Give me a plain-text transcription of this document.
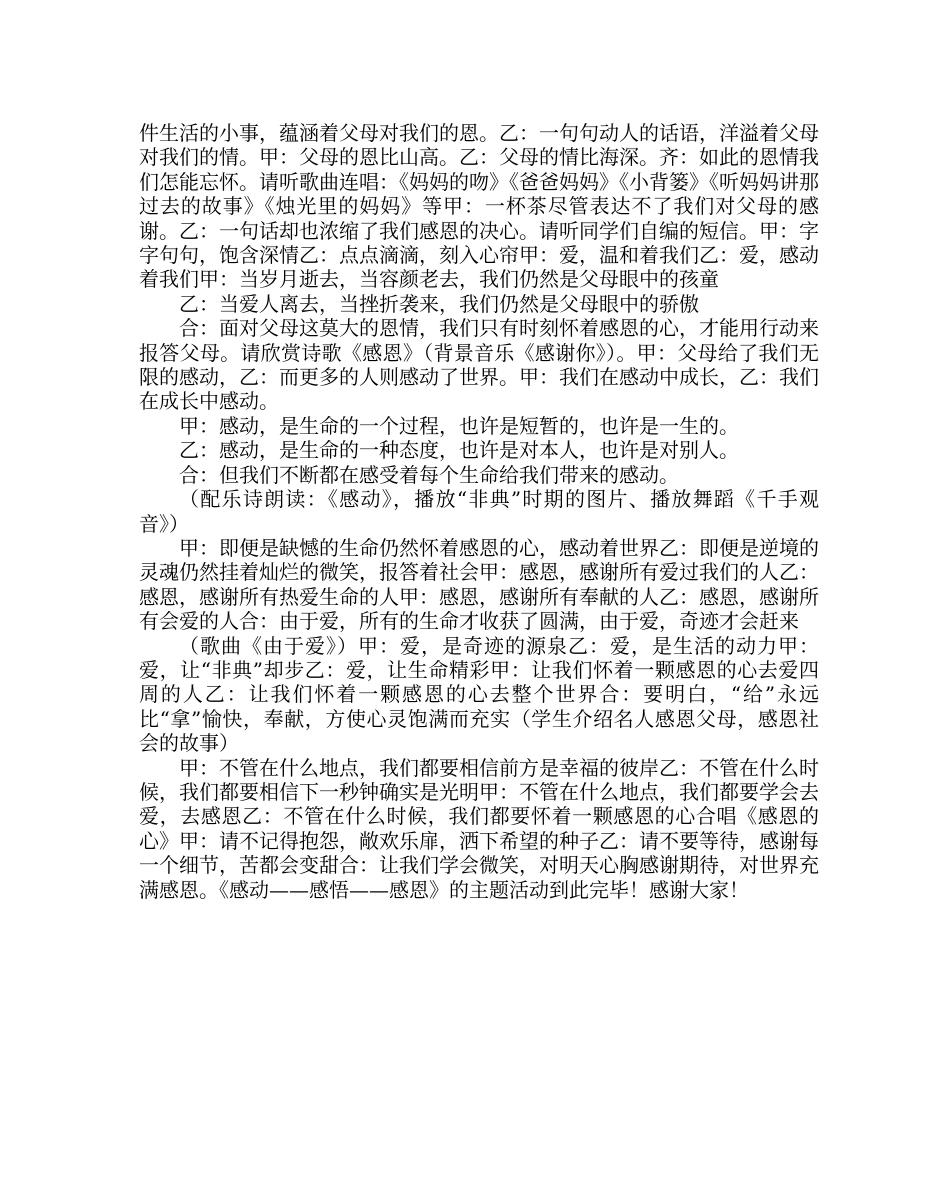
件生活的小事，蕴涵着父母对我们的恩。乙：一句句动人的话语，洋溢着父母对我们的情。甲：父母的恩比山高。乙：父母的情比海深。齐：如此的恩情我们怎能忘怀。请听歌曲连唱：《妈妈的吻》《爸爸妈妈》《小背篓》《听妈妈讲那过去的故事》《烛光里的妈妈》等甲：一杯茶尽管表达不了我们对父母的感谢。乙：一句话却也浓缩了我们感恩的决心。请听同学们自编的短信。甲：字字句句，饱含深情乙：点点滴滴，刻入心帘甲：爱，温和着我们乙：爱，感动着我们甲：当岁月逝去，当容颜老去，我们仍然是父母眼中的孩童

乙：当爱人离去，当挫折袭来，我们仍然是父母眼中的骄傲

合：面对父母这莫大的恩情，我们只有时刻怀着感恩的心，才能用行动来报答父母。请欣赏诗歌《感恩》（背景音乐《感谢你》）。甲：父母给了我们无限的感动，乙：而更多的人则感动了世界。甲：我们在感动中成长，乙：我们在成长中感动。

甲：感动，是生命的一个过程，也许是短暂的，也许是一生的。

乙：感动，是生命的一种态度，也许是对本人，也许是对别人。

合：但我们不断都在感受着每个生命给我们带来的感动。

（配乐诗朗读：《感动》，播放“非典”时期的图片、播放舞蹈《千手观音》）

甲：即便是缺憾的生命仍然怀着感恩的心，感动着世界乙：即便是逆境的灵魂仍然挂着灿烂的微笑，报答着社会甲：感恩，感谢所有爱过我们的人乙：感恩，感谢所有热爱生命的人甲：感恩，感谢所有奉献的人乙：感恩，感谢所有会爱的人合：由于爱，所有的生命才收获了圆满，由于爱，奇迹才会赶来

（歌曲《由于爱》）甲：爱，是奇迹的源泉乙：爱，是生活的动力甲：爱，让“非典”却步乙：爱，让生命精彩甲：让我们怀着一颗感恩的心去爱四周的人乙：让我们怀着一颗感恩的心去整个世界合：要明白，“给”永远比“拿”愉快，奉献，方使心灵饱满而充实（学生介绍名人感恩父母，感恩社会的故事）

甲：不管在什么地点，我们都要相信前方是幸福的彼岸乙：不管在什么时候，我们都要相信下一秒钟确实是光明甲：不管在什么地点，我们都要学会去爱，去感恩乙：不管在什么时候，我们都要怀着一颗感恩的心合唱《感恩的心》甲：请不记得抱怨，敞欢乐扉，洒下希望的种子乙：请不要等待，感谢每一个细节，苦都会变甜合：让我们学会微笑，对明天心胸感谢期待，对世界充满感恩。《感动——感悟——感恩》的主题活动到此完毕！感谢大家！
